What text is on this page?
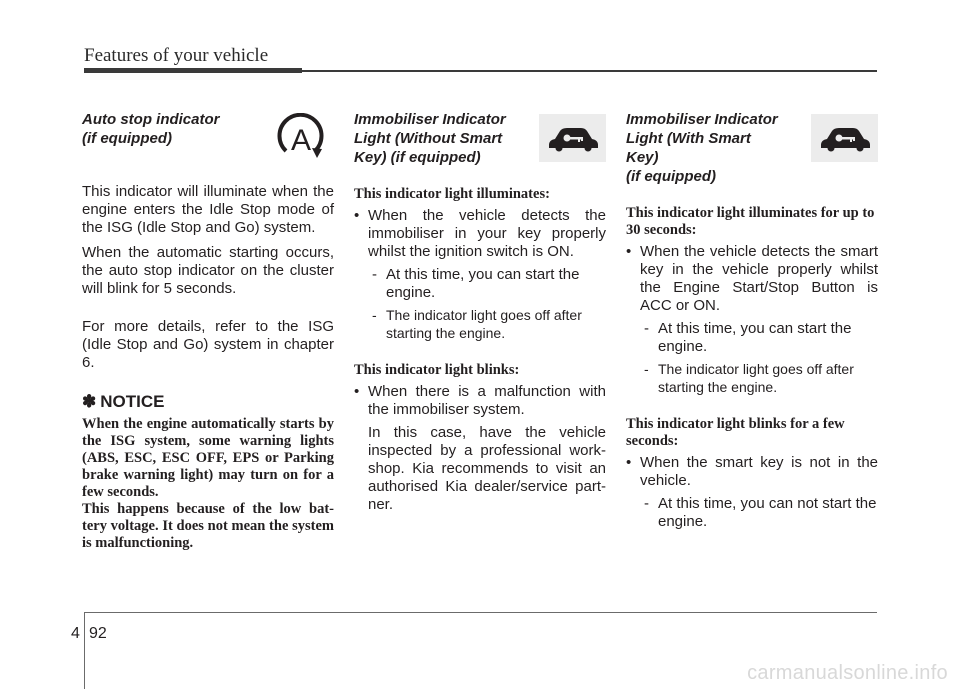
Features of your vehicle
Auto stop indicator
(if equipped)	A

This indicator will illuminate when the engine enters the Idle Stop mode of the ISG (Idle Stop and Go) system.

When the automatic starting occurs, the auto stop indicator on the cluster will blink for 5 seconds.

For more details, refer to the ISG (Idle Stop and Go) system in chapter 6.

✽ NOTICE
When the engine automatically starts by the ISG system, some warning lights (ABS, ESC, ESC OFF, EPS or Parking brake warning light) may turn on for a few seconds.
This happens because of the low bat-tery voltage. It does not mean the system is malfunctioning.
Immobiliser Indicator
Light (Without Smart
Key) (if equipped)

This indicator light illuminates:

• When the vehicle detects the immobiliser in your key properly whilst the ignition switch is ON.
- At this time, you can start the engine.
- The indicator light goes off after starting the engine.

This indicator light blinks:

• When there is a malfunction with the immobiliser system.

In this case, have the vehicle inspected by a professional work-shop. Kia recommends to visit an authorised Kia dealer/service part-ner.

Immobiliser Indicator
Light (With Smart Key)
(if equipped)

This indicator light illuminates for up to 30 seconds:

• When the vehicle detects the smart key in the vehicle properly whilst the Engine Start/Stop Button is ACC or ON.
- At this time, you can start the engine.
- The indicator light goes off after starting the engine.

This indicator light blinks for a few seconds:

• When the smart key is not in the vehicle.
- At this time, you can not start the engine.
4 92
carmanualsonline.info
